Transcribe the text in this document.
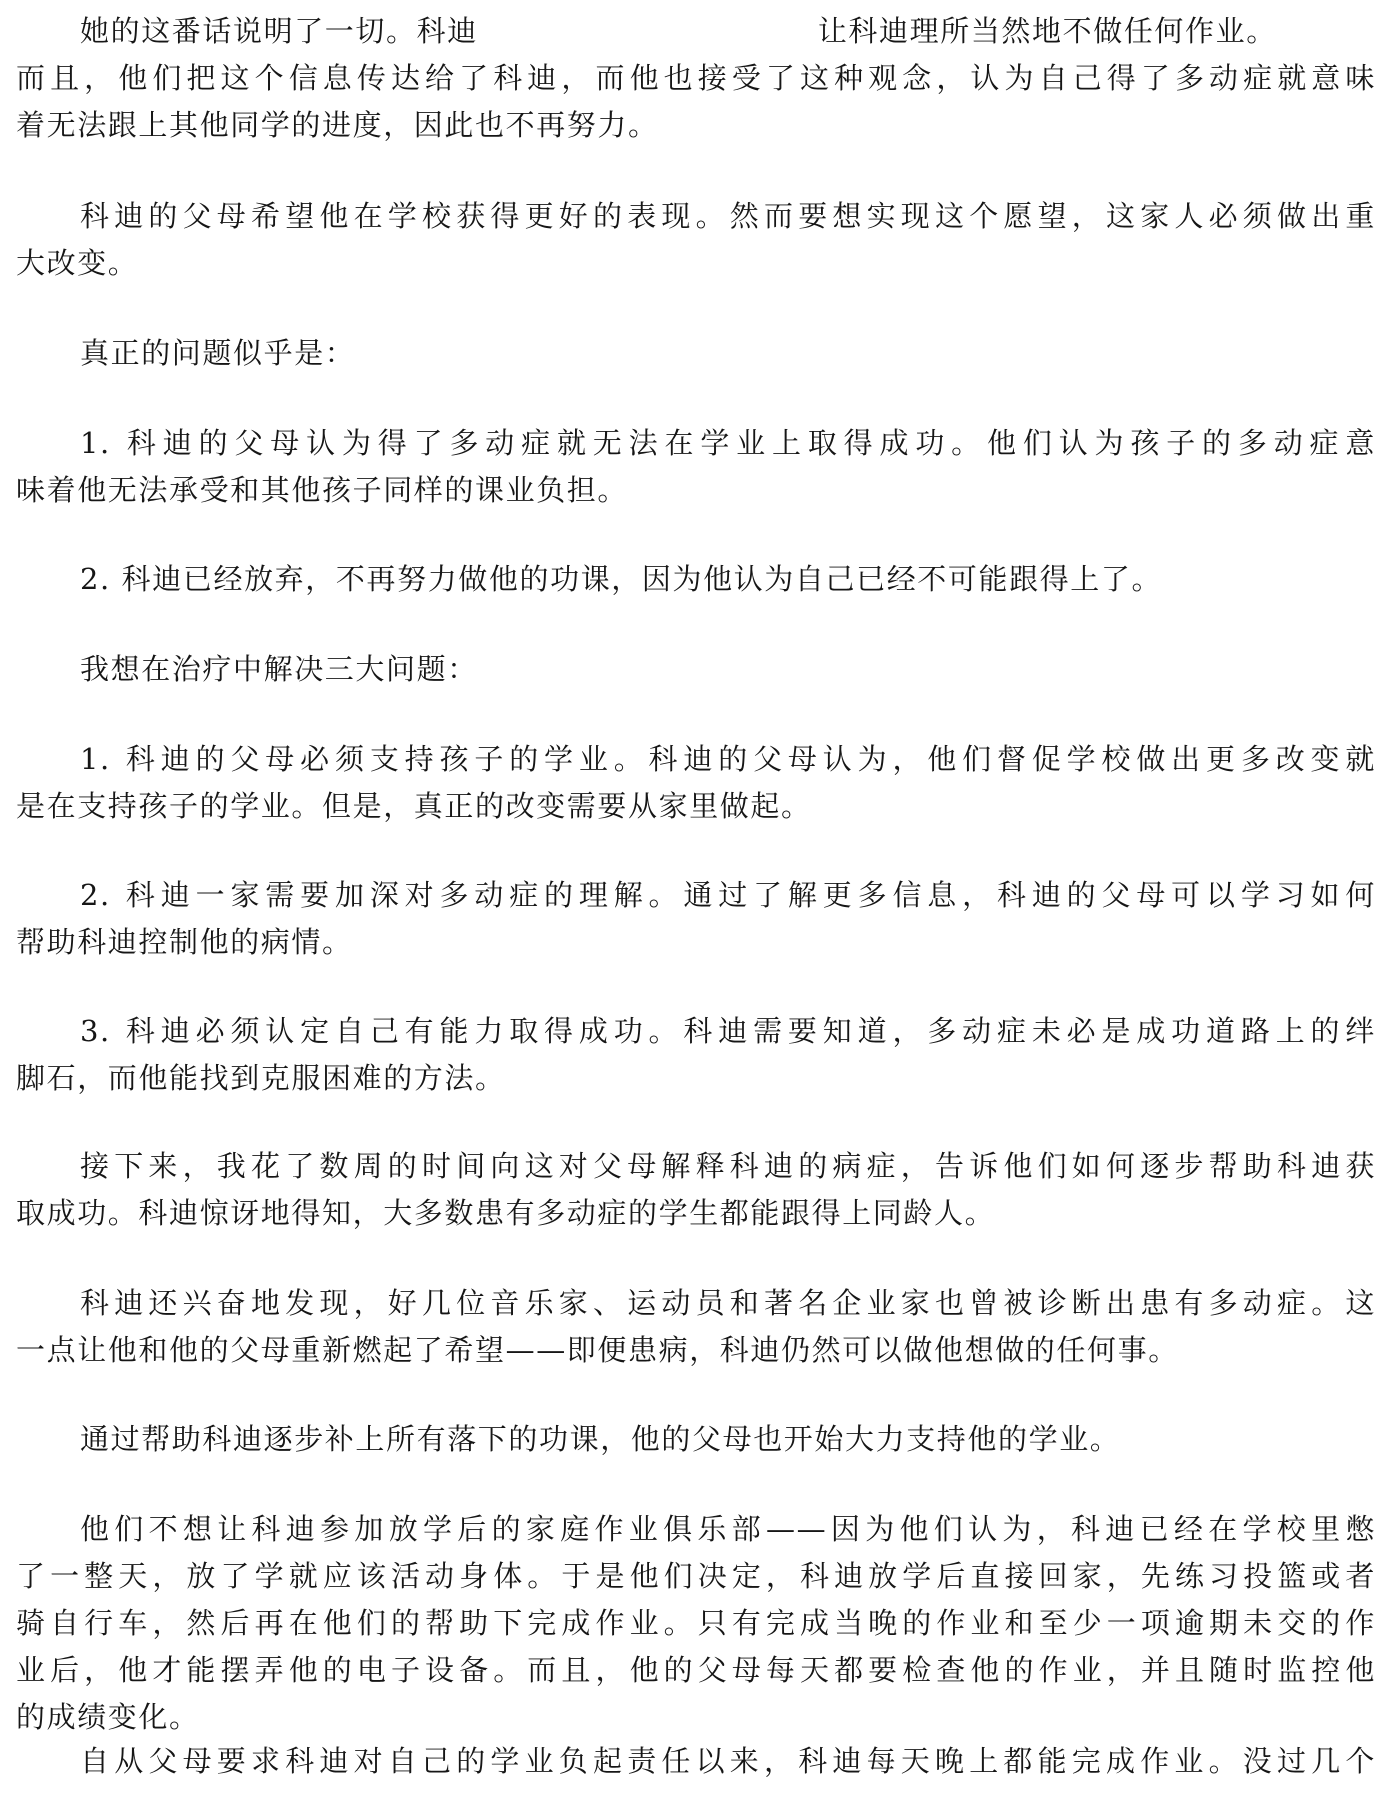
她的这番话说明了一切。科迪	让科迪理所当然地不做任何作业。
而且，他们把这个信息传达给了科迪，而他也接受了这种观念，认为自己得了多动症就意味
着无法跟上其他同学的进度，因此也不再努力。
科迪的父母希望他在学校获得更好的表现。然而要想实现这个愿望，这家人必须做出重
大改变。
真正的问题似乎是：
1. 科迪的父母认为得了多动症就无法在学业上取得成功。他们认为孩子的多动症意
味着他无法承受和其他孩子同样的课业负担。
2. 科迪已经放弃，不再努力做他的功课，因为他认为自己已经不可能跟得上了。
我想在治疗中解决三大问题：
1. 科迪的父母必须支持孩子的学业。科迪的父母认为，他们督促学校做出更多改变就
是在支持孩子的学业。但是，真正的改变需要从家里做起。
2. 科迪一家需要加深对多动症的理解。通过了解更多信息，科迪的父母可以学习如何
帮助科迪控制他的病情。
3. 科迪必须认定自己有能力取得成功。科迪需要知道，多动症未必是成功道路上的绊
脚石，而他能找到克服困难的方法。
接下来，我花了数周的时间向这对父母解释科迪的病症，告诉他们如何逐步帮助科迪获
取成功。科迪惊讶地得知，大多数患有多动症的学生都能跟得上同龄人。
科迪还兴奋地发现，好几位音乐家、运动员和著名企业家也曾被诊断出患有多动症。这
一点让他和他的父母重新燃起了希望——即便患病，科迪仍然可以做他想做的任何事。
通过帮助科迪逐步补上所有落下的功课，他的父母也开始大力支持他的学业。
他们不想让科迪参加放学后的家庭作业俱乐部——因为他们认为，科迪已经在学校里憋
了一整天，放了学就应该活动身体。于是他们决定，科迪放学后直接回家，先练习投篮或者
骑自行车，然后再在他们的帮助下完成作业。只有完成当晚的作业和至少一项逾期未交的作
业后，他才能摆弄他的电子设备。而且，他的父母每天都要检查他的作业，并且随时监控他
的成绩变化。
自从父母要求科迪对自己的学业负起责任以来，科迪每天晚上都能完成作业。没过几个
